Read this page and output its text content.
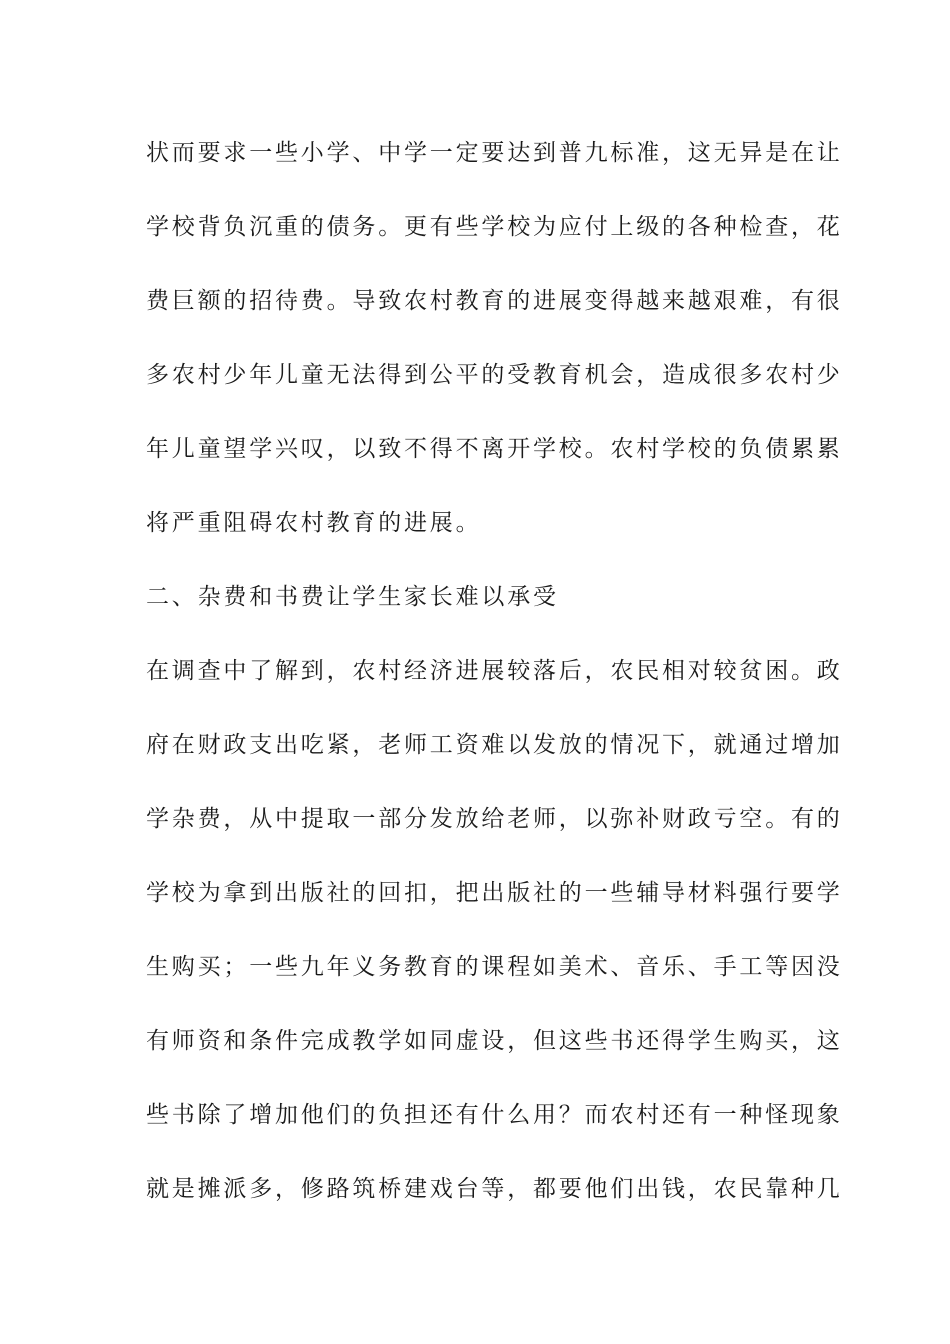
状而要求一些小学、中学一定要达到普九标准，这无异是在让
学校背负沉重的债务。更有些学校为应付上级的各种检查，花
费巨额的招待费。导致农村教育的进展变得越来越艰难，有很
多农村少年儿童无法得到公平的受教育机会，造成很多农村少
年儿童望学兴叹，以致不得不离开学校。农村学校的负债累累
将严重阻碍农村教育的进展。
二、杂费和书费让学生家长难以承受
在调查中了解到，农村经济进展较落后，农民相对较贫困。政
府在财政支出吃紧，老师工资难以发放的情况下，就通过增加
学杂费，从中提取一部分发放给老师，以弥补财政亏空。有的
学校为拿到出版社的回扣，把出版社的一些辅导材料强行要学
生购买；一些九年义务教育的课程如美术、音乐、手工等因没
有师资和条件完成教学如同虚设，但这些书还得学生购买，这
些书除了增加他们的负担还有什么用？而农村还有一种怪现象
就是摊派多，修路筑桥建戏台等，都要他们出钱，农民靠种几
